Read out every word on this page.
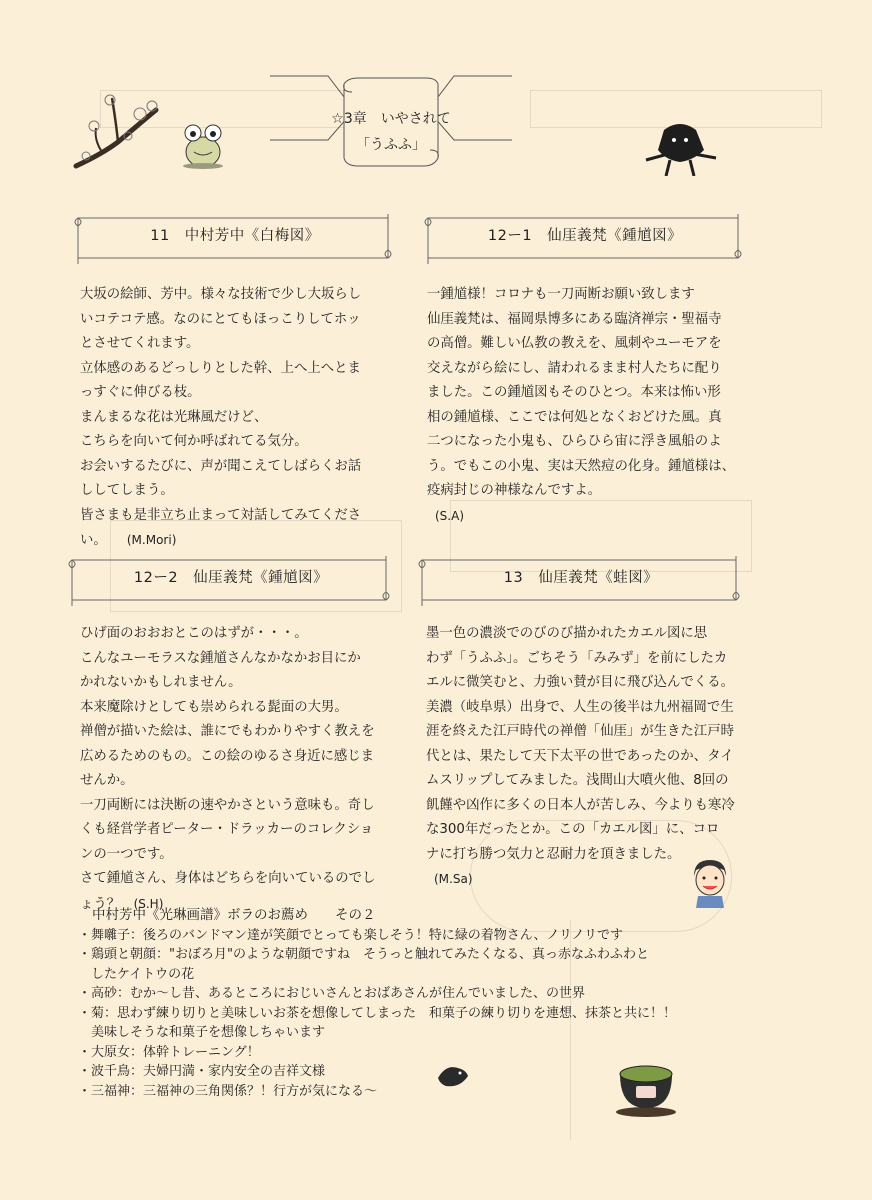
☆3章　いやされて
「うふふ」
11　中村芳中《白梅図》

大坂の絵師、芳中。様々な技術で少し大坂らし

いコテコテ感。なのにとてもほっこりしてホッ

とさせてくれます。

立体感のあるどっしりとした幹、上へ上へとま

っすぐに伸びる枝。

まんまるな花は光琳風だけど、

こちらを向いて何か呼ばれてる気分。

お会いするたびに、声が聞こえてしばらくお話

ししてしまう。

皆さまも是非立ち止まって対話してみてくださ

い。　　 (M.Mori)

12ー1　仙厓義梵《鍾馗図》

一鍾馗様！コロナも一刀両断お願い致します

仙厓義梵は、福岡県博多にある臨済禅宗・聖福寺

の高僧。難しい仏教の教えを、風刺やユーモアを

交えながら絵にし、請われるまま村人たちに配り

ました。この鍾馗図もそのひとつ。本来は怖い形

相の鍾馗様、ここでは何処となくおどけた風。真

二つになった小鬼も、ひらひら宙に浮き風船のよ

う。でもこの小鬼、実は天然痘の化身。鍾馗様は、

疫病封じの神様なんですよ。

(S.A)

12ー2　仙厓義梵《鍾馗図》

ひげ面のおおおとこのはずが・・・。

こんなユーモラスな鍾馗さんなかなかお目にか

かれないかもしれません。

本来魔除けとしても崇められる髭面の大男。

禅僧が描いた絵は、誰にでもわかりやすく教えを

広めるためのもの。この絵のゆるさ身近に感じま

せんか。

一刀両断には決断の速やかさという意味も。奇し

くも経営学者ピーター・ドラッカーのコレクショ

ンの一つです。

さて鍾馗さん、身体はどちらを向いているのでし

ょう？　 (S.H)

13　仙厓義梵《蛙図》

墨一色の濃淡でのびのび描かれたカエル図に思

わず「うふふ」。ごちそう「みみず」を前にしたカ

エルに微笑むと、力強い賛が目に飛び込んでくる。

美濃（岐阜県）出身で、人生の後半は九州福岡で生

涯を終えた江戸時代の禅僧「仙厓」が生きた江戸時

代とは、果たして天下太平の世であったのか、タイ

ムスリップしてみました。浅間山大噴火他、8回の

飢饉や凶作に多くの日本人が苦しみ、今よりも寒冷

な300年だったとか。この「カエル図」に、コロ

ナに打ち勝つ気力と忍耐力を頂きました。

(M.Sa)

中村芳中《光琳画譜》ボラのお薦め　　その２

・舞囃子：後ろのバンドマン達が笑顔でとっても楽しそう！特に緑の着物さん、ノリノリです

・鶏頭と朝顔："おぼろ月"のような朝顔ですね　そうっと触れてみたくなる、真っ赤なふわふわと

　したケイトウの花

・高砂：むか〜し昔、あるところにおじいさんとおばあさんが住んでいました、の世界

・菊：思わず練り切りと美味しいお茶を想像してしまった　和菓子の練り切りを連想、抹茶と共に！！

　美味しそうな和菓子を想像しちゃいます

・大原女：体幹トレーニング！

・波千鳥：夫婦円満・家内安全の吉祥文様

・三福神：三福神の三角関係？！行方が気になる〜
